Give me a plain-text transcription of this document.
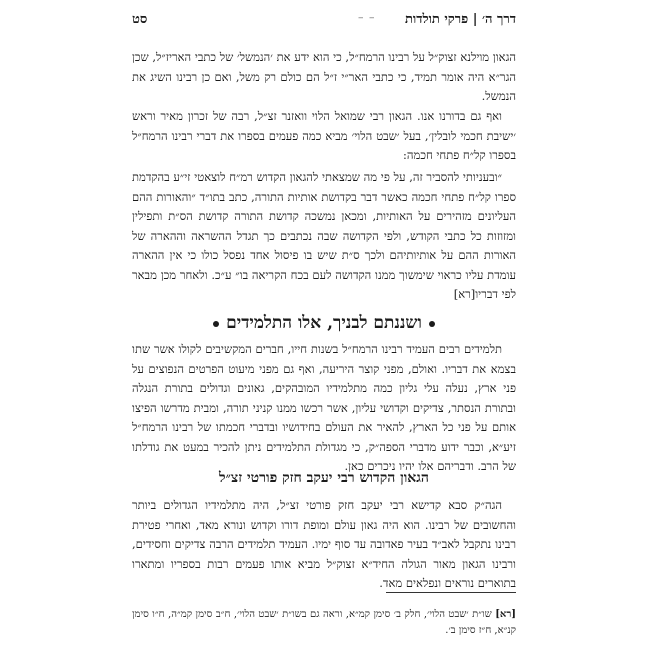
סט	– – דרך ה׳ | פרקי תולדות

הגאון מוילנא זצוק״ל על רבינו הרמח״ל, כי הוא ידע את ׳הנמשל׳ של כתבי האריז״ל, שכן הגר״א היה אומר תמיד, כי כתבי האר״י ז״ל הם כולם רק משל, ואם כן רבינו השיג את הנמשל.

ואף גם בדורנו אנו. הגאון רבי שמואל הלוי וואזנר זצ״ל, רבה של זכרון מאיר וראש ׳ישיבת חכמי לובלין׳, בעל ׳שבט הלוי׳ מביא כמה פעמים בספרו את דברי רבינו הרמח״ל בספרו קל״ח פתחי חכמה:

״ובעניותי להסביר זה, על פי מה שמצאתי להגאון הקדוש רמ״ח לוצאטי זי״ע בהקדמת ספרו קל״ח פתחי חכמה כאשר דבר בקדושת אותיות התורה, כתב בתו״ד ״והאורות ההם העליונים מזהירים על האותיות, ומכאן נמשכה קדושת התורה קדושת הס״ת ותפילין ומזוזות כל כתבי הקודש, ולפי הקדושה שבה נכתבים כך תגדל ההשראה וההארה של האורות ההם על אותיותיהם ולכך ס״ת שיש בו פיסול אחד נפסל כולו כי אין ההארה עומדת עליו כראוי שימשוך ממנו הקדושה לעם בכח הקריאה בו״ ע״כ. ולאחר מכן מבאר לפי דבריו[רא]

ושננתם לבניך, אלו התלמידים

תלמידים רבים העמיד רבינו הרמח״ל בשנות חייו, חברים המקשיבים לקולו אשר שתו בצמא את דבריו. ואולם, מפני קוצר היריעה, ואף גם מפני מיעוט הפרטים הנפוצים על פני ארץ, נעלה עלי גליון כמה מתלמידיו המובהקים, גאונים וגדולים בתורת הנגלה ובתורת הנסתר, צדיקים וקדושי עליון, אשר רכשו ממנו קניני תורה, ומבית מדרשו הפיצו אותם על פני כל הארץ, להאיר את העולם בחידושיו ובדברי חכמתו של רבינו הרמח״ל זיע״א, וכבר ידוע מדברי הספה״ק, כי מגדולת התלמידים ניתן להכיר במעט את גודלתו של הרב. ודבריהם אלו יהיו ניכרים כאן.

הגאון הקדוש רבי יעקב חזק פורטי זצ״ל

הגה״ק סבא קדישא רבי יעקב חזק פורטי זצ״ל, היה מתלמידיו הגדולים ביותר והחשובים של רבינו. הוא היה גאון עולם ומופת דורו וקדוש ונורא מאד, ואחרי פטירת רבינו נתקבל לאב״ד בעיר פאדובה עד סוף ימיו. העמיד תלמידים הרבה צדיקים וחסידים, ורבינו הגאון מאור הגולה החיד״א זצוק״ל מביא אותו פעמים רבות בספריו ומתארו בתוארים נוראים ונפלאים מאד.

[רא] שו״ת ׳שבט הלוי׳, חלק ב׳ סימן קמ״א, וראה גם בשו״ת ׳שבט הלוי׳, ח״ב סימן קמ״ה, ח״ו סימן קנ״א, ח״ז סימן ב׳.
